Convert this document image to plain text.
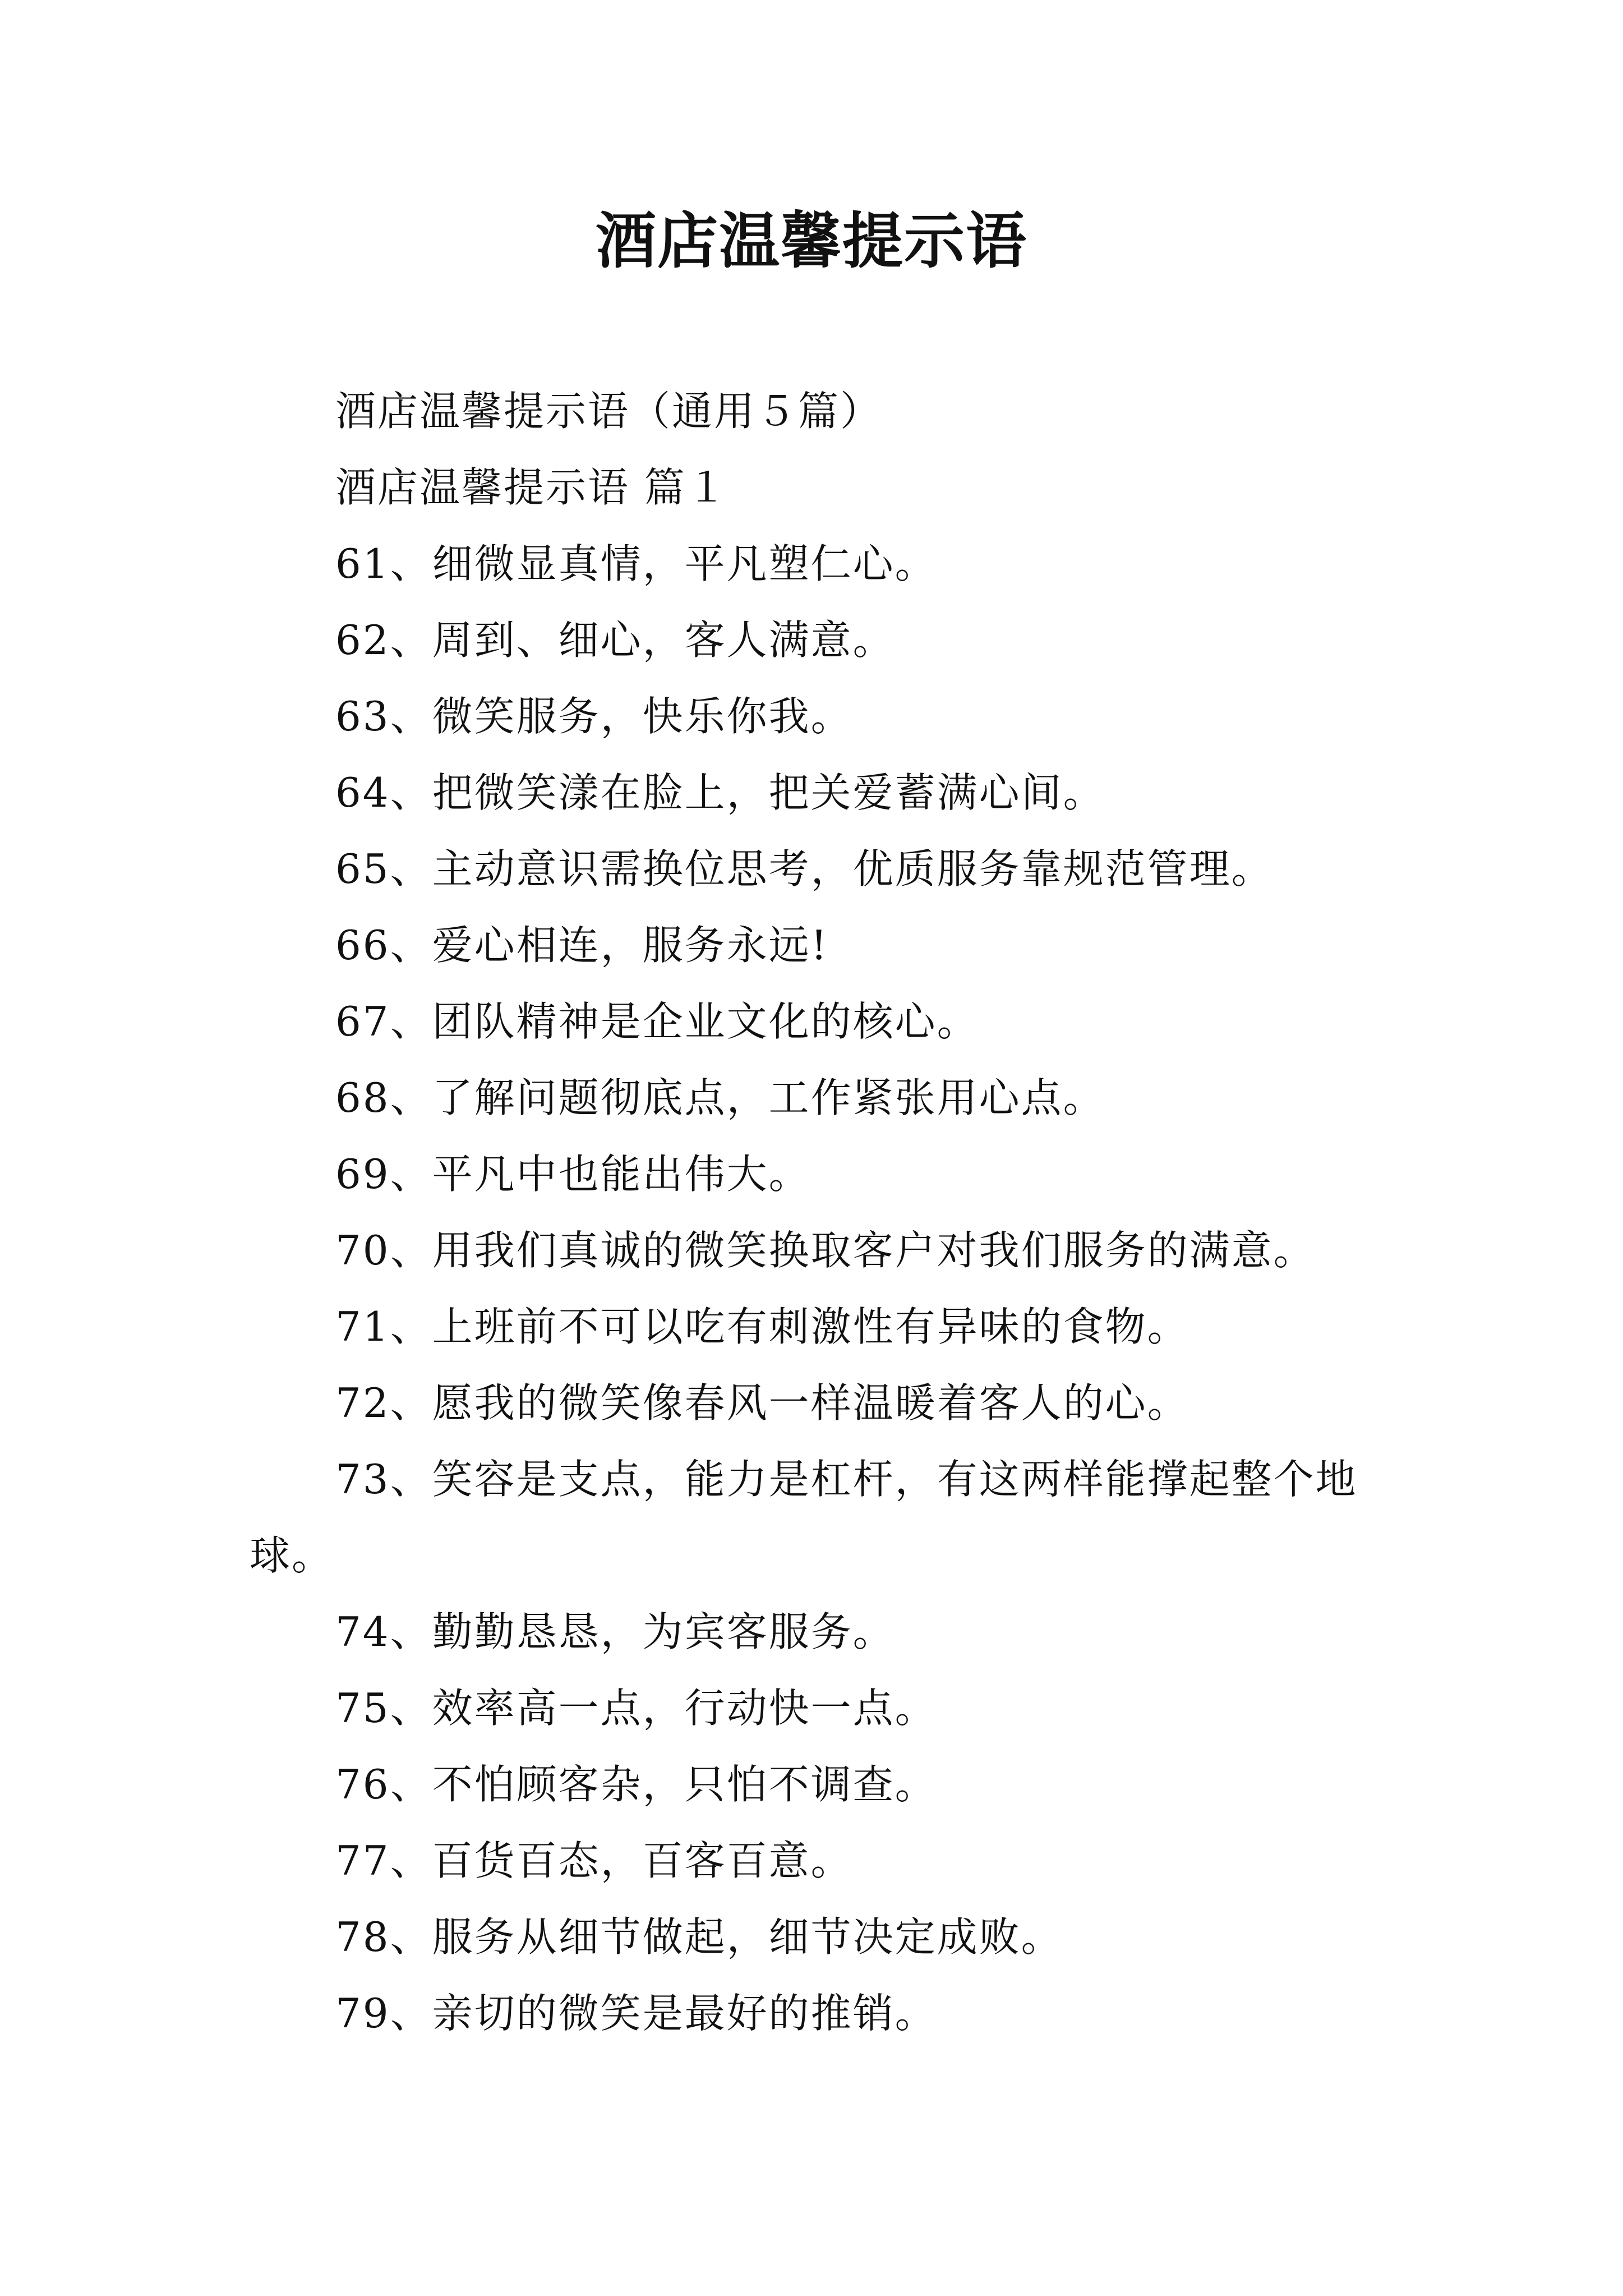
酒店温馨提示语

酒店温馨提示语（通用５篇）

酒店温馨提示语 篇１

61、细微显真情，平凡塑仁心。

62、周到、细心，客人满意。

63、微笑服务，快乐你我。

64、把微笑漾在脸上，把关爱蓄满心间。

65、主动意识需换位思考，优质服务靠规范管理。

66、爱心相连，服务永远!

67、团队精神是企业文化的核心。

68、了解问题彻底点，工作紧张用心点。

69、平凡中也能出伟大。

70、用我们真诚的微笑换取客户对我们服务的满意。

71、上班前不可以吃有刺激性有异味的食物。

72、愿我的微笑像春风一样温暖着客人的心。

73、笑容是支点，能力是杠杆，有这两样能撑起整个地球。

74、勤勤恳恳，为宾客服务。

75、效率高一点，行动快一点。

76、不怕顾客杂，只怕不调查。

77、百货百态，百客百意。

78、服务从细节做起，细节决定成败。

79、亲切的微笑是最好的推销。
